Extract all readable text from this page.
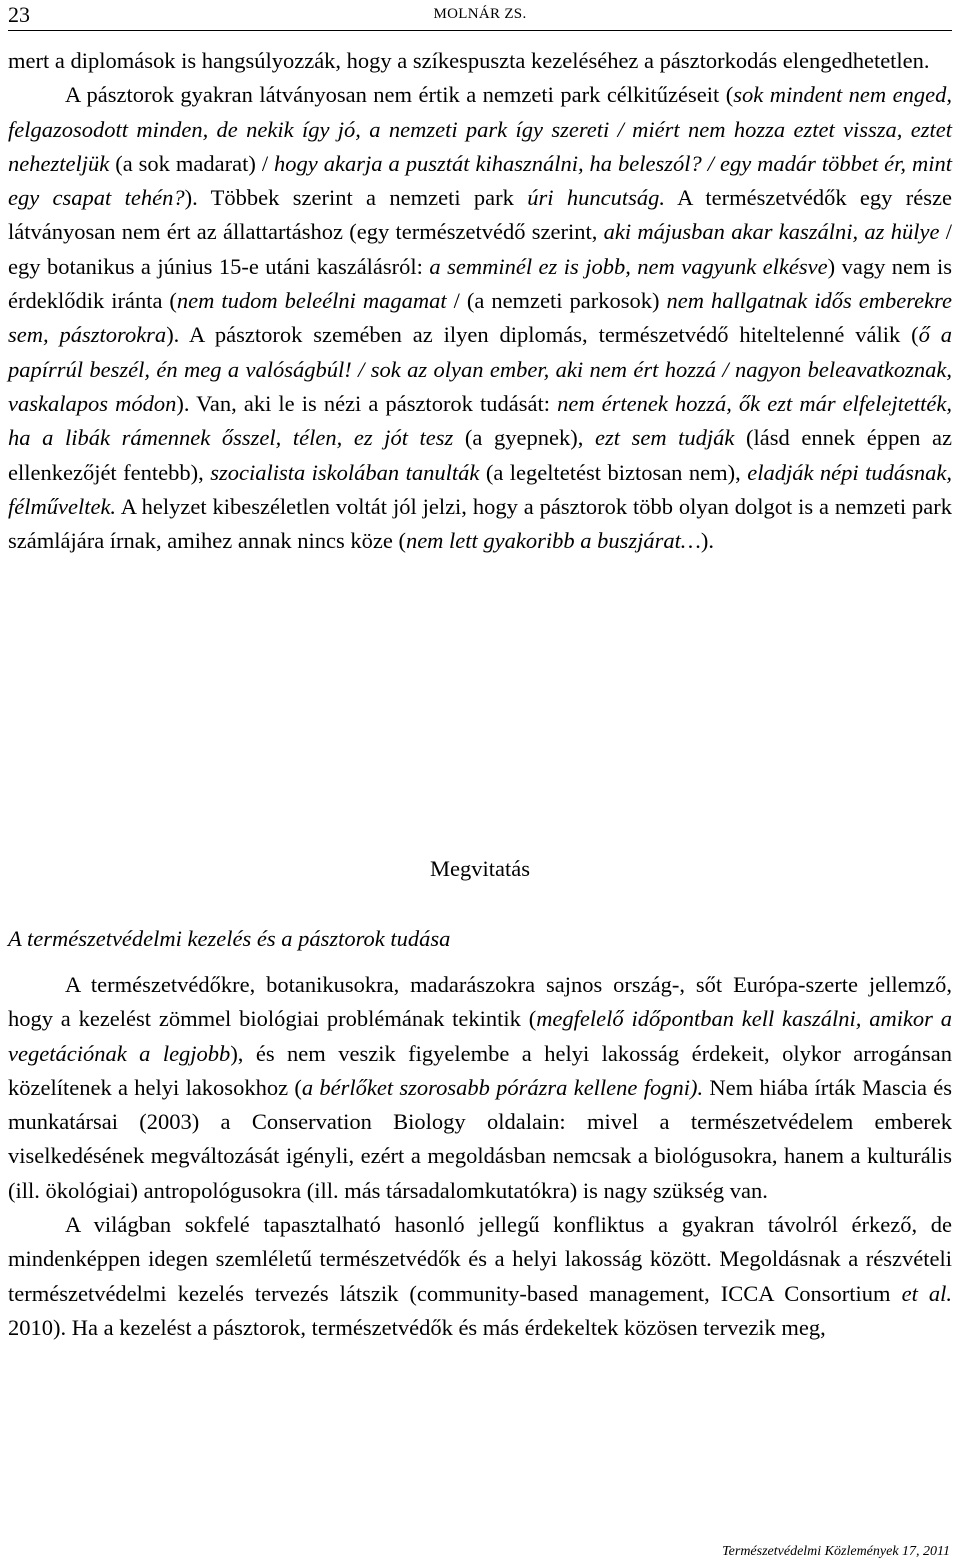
23	MOLNÁR ZS.

mert a diplomások is hangsúlyozzák, hogy a szíkespuszta kezeléséhez a pásztorkodás elengedhetetlen.

A pásztorok gyakran látványosan nem értik a nemzeti park célkitűzéseit (sok mindent nem enged, felgazosodott minden, de nekik így jó, a nemzeti park így szereti / miért nem hozza eztet vissza, eztet nehezteljük (a sok madarat) / hogy akarja a pusztát kihasználni, ha beleszól? / egy madár többet ér, mint egy csapat tehén?). Többek szerint a nemzeti park úri huncutság. A természetvédők egy része látványosan nem ért az állattartáshoz (egy természetvédő szerint, aki májusban akar kaszálni, az hülye / egy botanikus a június 15-e utáni kaszálásról: a semminél ez is jobb, nem vagyunk elkésve) vagy nem is érdeklődik iránta (nem tudom beleélni magamat / (a nemzeti parkosok) nem hallgatnak idős emberekre sem, pásztorokra). A pásztorok szemében az ilyen diplomás, természetvédő hiteltelenné válik (ő a papírrúl beszél, én meg a valóságbúl! / sok az olyan ember, aki nem ért hozzá / nagyon beleavatkoznak, vaskalapos módon). Van, aki le is nézi a pásztorok tudását: nem értenek hozzá, ők ezt már elfelejtették, ha a libák rámennek ősszel, télen, ez jót tesz (a gyepnek), ezt sem tudják (lásd ennek éppen az ellenkezőjét fentebb), szocialista iskolában tanulták (a legeltetést biztosan nem), eladják népi tudásnak, félműveltek. A helyzet kibeszéletlen voltát jól jelzi, hogy a pásztorok több olyan dolgot is a nemzeti park számlájára írnak, amihez annak nincs köze (nem lett gyakoribb a buszjárat…).

Megvitatás
A természetvédelmi kezelés és a pásztorok tudása

A természetvédőkre, botanikusokra, madarászokra sajnos ország-, sőt Európa-szerte jellemző, hogy a kezelést zömmel biológiai problémának tekintik (megfelelő időpontban kell kaszálni, amikor a vegetációnak a legjobb), és nem veszik figyelembe a helyi lakosság érdekeit, olykor arrogánsan közelítenek a helyi lakosokhoz (a bérlőket szorosabb pórázra kellene fogni). Nem hiába írták Mascia és munkatársai (2003) a Conservation Biology oldalain: mivel a természetvédelem emberek viselkedésének megváltozását igényli, ezért a megoldásban nemcsak a biológusokra, hanem a kulturális (ill. ökológiai) antropológusokra (ill. más társadalomkutatókra) is nagy szükség van.

A világban sokfelé tapasztalható hasonló jellegű konfliktus a gyakran távolról érkező, de mindenképpen idegen szemléletű természetvédők és a helyi lakosság között. Megoldásnak a részvételi természetvédelmi kezelés tervezés látszik (community-based management, ICCA Consortium et al. 2010). Ha a kezelést a pásztorok, természetvédők és más érdekeltek közösen tervezik meg,

Természetvédelmi Közlemények 17, 2011
